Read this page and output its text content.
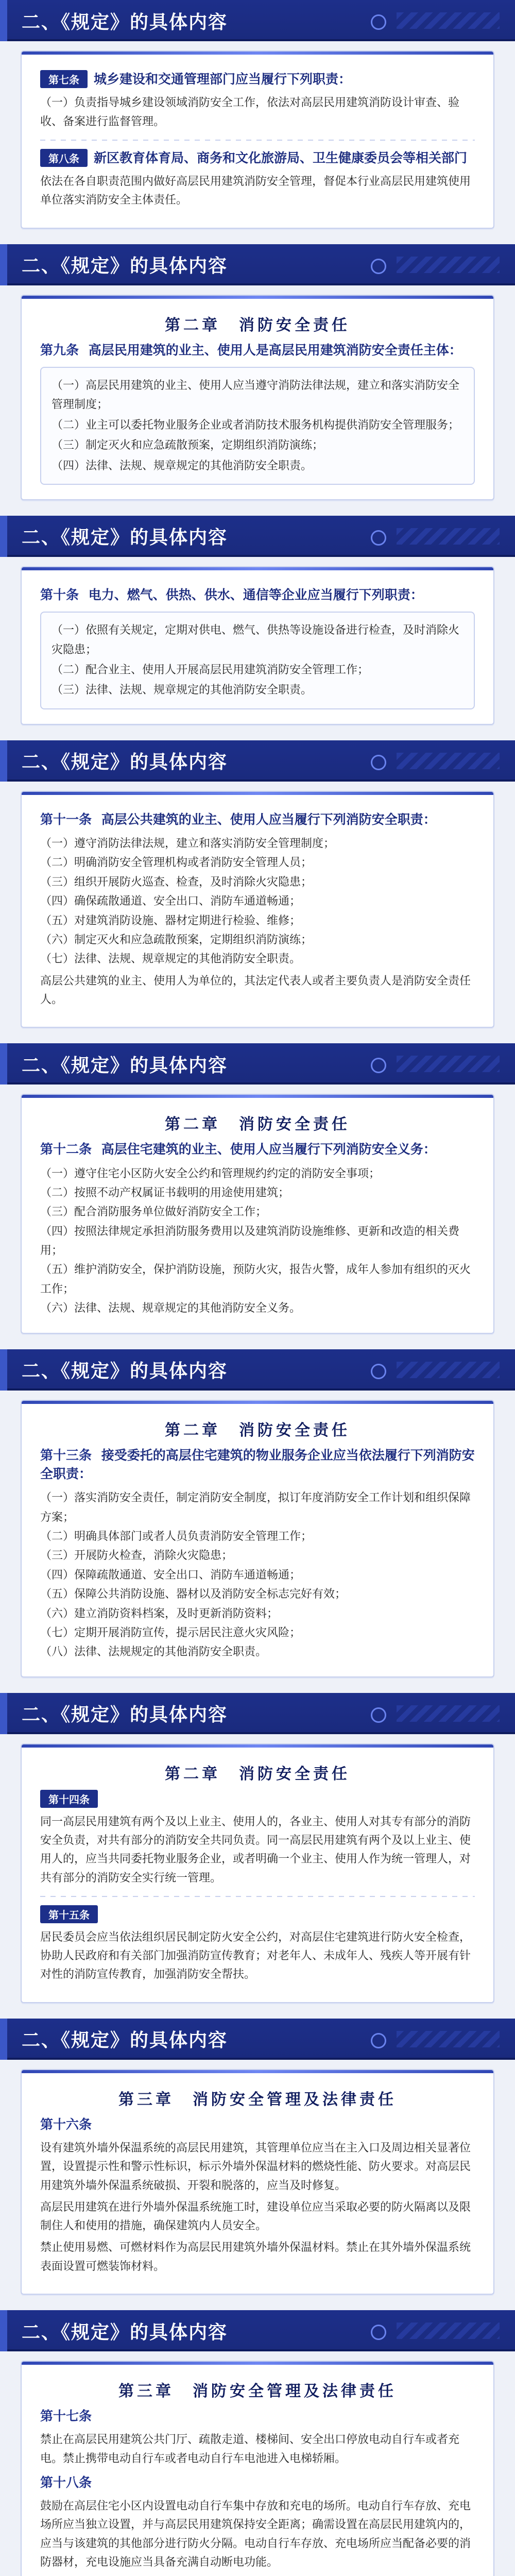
二、《规定》的具体内容
第七条	城乡建设和交通管理部门应当履行下列职责：

（一）负责指导城乡建设领域消防安全工作，依法对高层民用建筑消防设计审查、验收、备案进行监督管理。

第八条	新区教育体育局、商务和文化旅游局、卫生健康委员会等相关部门

依法在各自职责范围内做好高层民用建筑消防安全管理，督促本行业高层民用建筑使用单位落实消防安全主体责任。

二、《规定》的具体内容
第二章　消防安全责任
第九条 高层民用建筑的业主、使用人是高层民用建筑消防安全责任主体：

（一）高层民用建筑的业主、使用人应当遵守消防法律法规，建立和落实消防安全管理制度；

（二）业主可以委托物业服务企业或者消防技术服务机构提供消防安全管理服务；

（三）制定灭火和应急疏散预案，定期组织消防演练；

（四）法律、法规、规章规定的其他消防安全职责。

二、《规定》的具体内容
第十条 电力、燃气、供热、供水、通信等企业应当履行下列职责：

（一）依照有关规定，定期对供电、燃气、供热等设施设备进行检查，及时消除火灾隐患；

（二）配合业主、使用人开展高层民用建筑消防安全管理工作；

（三）法律、法规、规章规定的其他消防安全职责。

二、《规定》的具体内容
第十一条 高层公共建筑的业主、使用人应当履行下列消防安全职责：

（一）遵守消防法律法规，建立和落实消防安全管理制度；

（二）明确消防安全管理机构或者消防安全管理人员；

（三）组织开展防火巡查、检查，及时消除火灾隐患；

（四）确保疏散通道、安全出口、消防车通道畅通；

（五）对建筑消防设施、器材定期进行检验、维修；

（六）制定灭火和应急疏散预案，定期组织消防演练；

（七）法律、法规、规章规定的其他消防安全职责。

高层公共建筑的业主、使用人为单位的，其法定代表人或者主要负责人是消防安全责任人。

二、《规定》的具体内容
第二章　消防安全责任
第十二条 高层住宅建筑的业主、使用人应当履行下列消防安全义务：

（一）遵守住宅小区防火安全公约和管理规约约定的消防安全事项；

（二）按照不动产权属证书载明的用途使用建筑；

（三）配合消防服务单位做好消防安全工作；

（四）按照法律规定承担消防服务费用以及建筑消防设施维修、更新和改造的相关费用；

（五）维护消防安全，保护消防设施，预防火灾，报告火警，成年人参加有组织的灭火工作；

（六）法律、法规、规章规定的其他消防安全义务。

二、《规定》的具体内容
第二章　消防安全责任
第十三条 接受委托的高层住宅建筑的物业服务企业应当依法履行下列消防安全职责：

（一）落实消防安全责任，制定消防安全制度，拟订年度消防安全工作计划和组织保障方案；

（二）明确具体部门或者人员负责消防安全管理工作；

（三）开展防火检查，消除火灾隐患；

（四）保障疏散通道、安全出口、消防车通道畅通；

（五）保障公共消防设施、器材以及消防安全标志完好有效；

（六）建立消防资料档案，及时更新消防资料；

（七）定期开展消防宣传，提示居民注意火灾风险；

（八）法律、法规规定的其他消防安全职责。

二、《规定》的具体内容
第二章　消防安全责任
第十四条

同一高层民用建筑有两个及以上业主、使用人的，各业主、使用人对其专有部分的消防安全负责，对共有部分的消防安全共同负责。同一高层民用建筑有两个及以上业主、使用人的，应当共同委托物业服务企业，或者明确一个业主、使用人作为统一管理人，对共有部分的消防安全实行统一管理。

第十五条

居民委员会应当依法组织居民制定防火安全公约，对高层住宅建筑进行防火安全检查，协助人民政府和有关部门加强消防宣传教育；对老年人、未成年人、残疾人等开展有针对性的消防宣传教育，加强消防安全帮扶。

二、《规定》的具体内容
第三章　消防安全管理及法律责任
第十六条

设有建筑外墙外保温系统的高层民用建筑，其管理单位应当在主入口及周边相关显著位置，设置提示性和警示性标识，标示外墙外保温材料的燃烧性能、防火要求。对高层民用建筑外墙外保温系统破损、开裂和脱落的，应当及时修复。

高层民用建筑在进行外墙外保温系统施工时，建设单位应当采取必要的防火隔离以及限制住人和使用的措施，确保建筑内人员安全。

禁止使用易燃、可燃材料作为高层民用建筑外墙外保温材料。禁止在其外墙外保温系统表面设置可燃装饰材料。

二、《规定》的具体内容
第三章　消防安全管理及法律责任
第十七条

禁止在高层民用建筑公共门厅、疏散走道、楼梯间、安全出口停放电动自行车或者充电。禁止携带电动自行车或者电动自行车电池进入电梯轿厢。

第十八条

鼓励在高层住宅小区内设置电动自行车集中存放和充电的场所。电动自行车存放、充电场所应当独立设置，并与高层民用建筑保持安全距离；确需设置在高层民用建筑内的，应当与该建筑的其他部分进行防火分隔。电动自行车存放、充电场所应当配备必要的消防器材，充电设施应当具备充满自动断电功能。
